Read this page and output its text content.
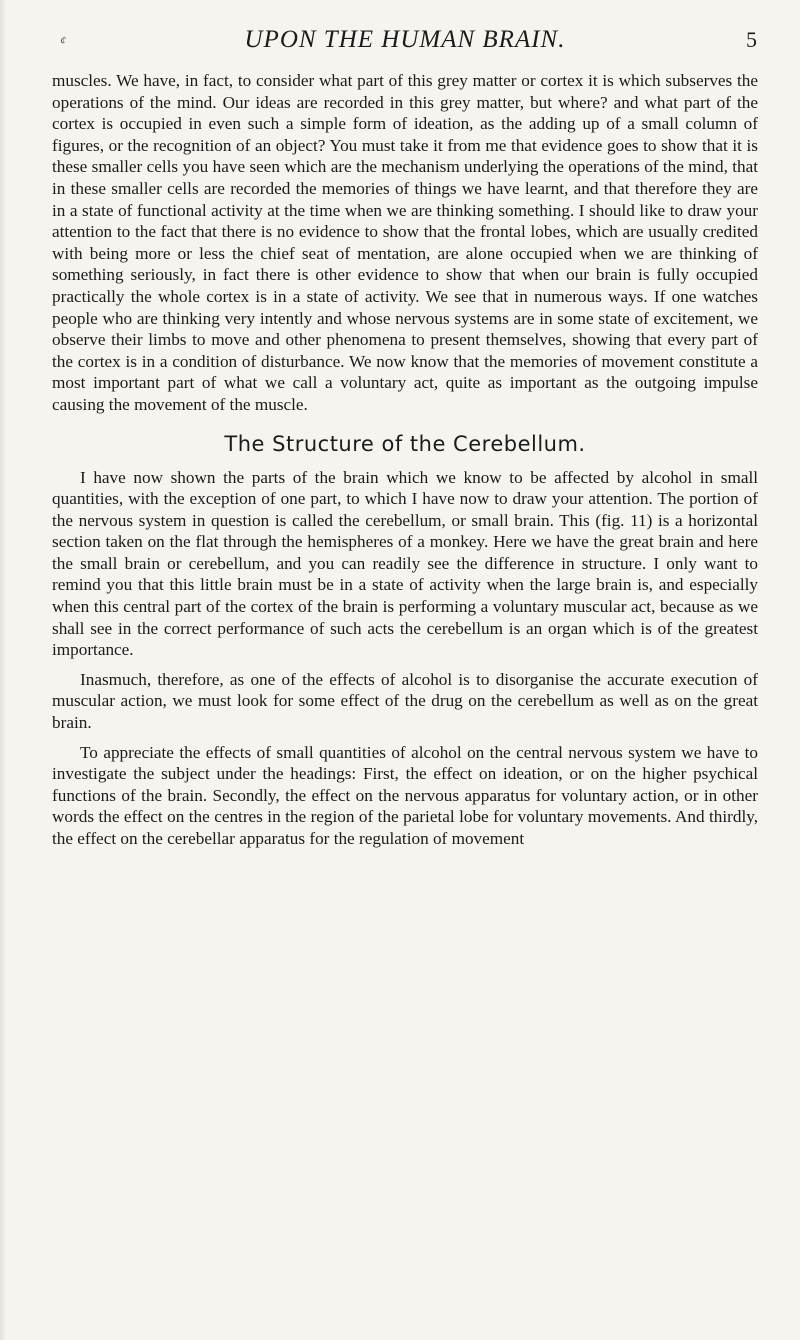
¢	UPON THE HUMAN BRAIN.	5

muscles. We have, in fact, to consider what part of this grey matter or cortex it is which subserves the operations of the mind. Our ideas are recorded in this grey matter, but where? and what part of the cortex is occupied in even such a simple form of ideation, as the adding up of a small column of figures, or the recognition of an object? You must take it from me that evidence goes to show that it is these smaller cells you have seen which are the mechanism underlying the operations of the mind, that in these smaller cells are recorded the memories of things we have learnt, and that therefore they are in a state of functional activity at the time when we are thinking something. I should like to draw your attention to the fact that there is no evidence to show that the frontal lobes, which are usually credited with being more or less the chief seat of mentation, are alone occupied when we are thinking of something seriously, in fact there is other evidence to show that when our brain is fully occupied practically the whole cortex is in a state of activity. We see that in numerous ways. If one watches people who are thinking very intently and whose nervous systems are in some state of excitement, we observe their limbs to move and other phenomena to present themselves, showing that every part of the cortex is in a condition of disturbance. We now know that the memories of movement constitute a most important part of what we call a voluntary act, quite as important as the outgoing impulse causing the movement of the muscle.

The Structure of the Cerebellum.

I have now shown the parts of the brain which we know to be affected by alcohol in small quantities, with the exception of one part, to which I have now to draw your attention. The portion of the nervous system in question is called the cerebellum, or small brain. This (fig. 11) is a horizontal section taken on the flat through the hemispheres of a monkey. Here we have the great brain and here the small brain or cerebellum, and you can readily see the difference in structure. I only want to remind you that this little brain must be in a state of activity when the large brain is, and especially when this central part of the cortex of the brain is performing a voluntary muscular act, because as we shall see in the correct performance of such acts the cerebellum is an organ which is of the greatest importance.

Inasmuch, therefore, as one of the effects of alcohol is to disorganise the accurate execution of muscular action, we must look for some effect of the drug on the cerebellum as well as on the great brain.

To appreciate the effects of small quantities of alcohol on the central nervous system we have to investigate the subject under the headings: First, the effect on ideation, or on the higher psychical functions of the brain. Secondly, the effect on the nervous apparatus for voluntary action, or in other words the effect on the centres in the region of the parietal lobe for voluntary movements. And thirdly, the effect on the cerebellar apparatus for the regulation of movement
